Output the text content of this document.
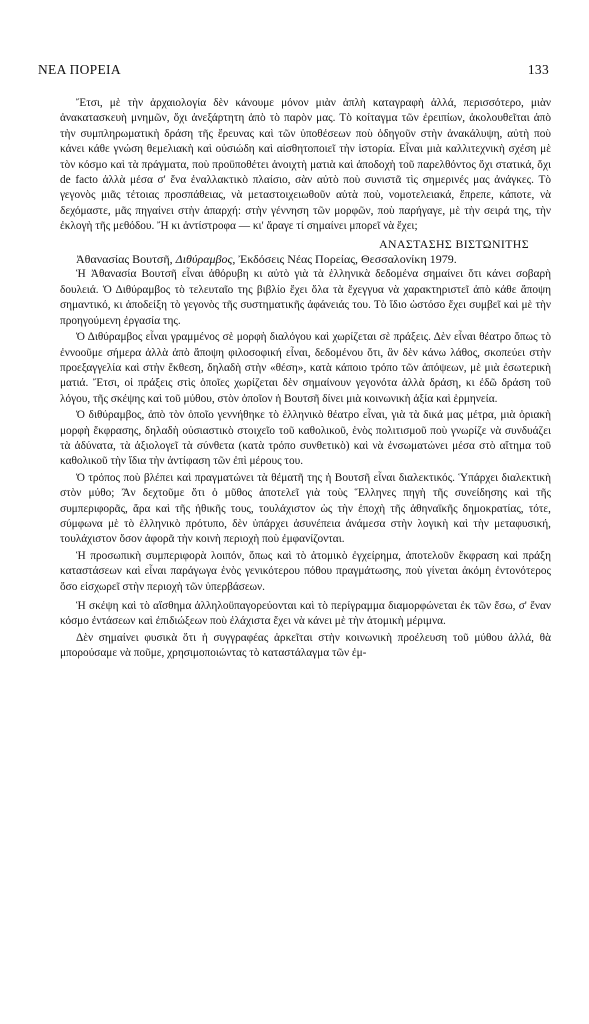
ΝΕΑ ΠΟΡΕΙΑ	133

Ἔτσι, μὲ τὴν ἀρχαιολογία δὲν κάνουμε μόνον μιὰν ἁπλὴ καταγραφὴ ἀλλά, περισσότερο, μιὰν ἀνακατασκευὴ μνημῶν, ὄχι ἀνεξάρτητη ἀπὸ τὸ παρὸν μας. Τὸ κοίταγμα τῶν ἐρειπίων, ἀκολουθεῖται ἀπὸ τὴν συμπληρωματικὴ δράση τῆς ἔρευνας καὶ τῶν ὑποθέσεων ποὺ ὁδηγοῦν στὴν ἀνακάλυψη, αὐτὴ ποὺ κάνει κάθε γνώση θεμελιακὴ καὶ οὐσιώδη καὶ αἰσθητοποιεῖ τὴν ἱστορία. Εἶναι μιὰ καλλιτεχνικὴ σχέση μὲ τὸν κόσμο καὶ τὰ πράγματα, ποὺ προϋποθέτει ἀνοιχτὴ ματιὰ καὶ ἀποδοχὴ τοῦ παρελθόντος ὄχι στατικά, ὄχι de facto ἀλλὰ μέσα σ' ἕνα ἐναλλακτικὸ πλαίσιο, σὰν αὐτὸ ποὺ συνιστᾶ τὶς σημερινές μας ἀνάγκες. Τὸ γεγονὸς μιᾶς τέτοιας προσπάθειας, νὰ μεταστοιχειωθοῦν αὐτὰ ποὺ, νομοτελειακά, ἔπρεπε, κάποτε, νὰ δεχόμαστε, μᾶς πηγαίνει στὴν ἀπαρχή: στὴν γέννηση τῶν μορφῶν, ποὺ παρήγαγε, μὲ τὴν σειρά της, τὴν ἐκλογὴ τῆς μεθόδου. Ἤ κι ἀντίστροφα — κι' ἄραγε τί σημαίνει μπορεῖ νὰ ἔχει;

ΑΝΑΣΤΑΣΗΣ ΒΙΣΤΩΝΙΤΗΣ

Ἀθανασίας Βουτσῆ, Διθύραμβος, Ἐκδόσεις Νέας Πορείας, Θεσσαλονίκη 1979.

Ἡ Ἀθανασία Βουτσῆ εἶναι ἀθόρυβη κι αὐτὸ γιὰ τὰ ἑλληνικὰ δεδομένα σημαίνει ὅτι κάνει σοβαρὴ δουλειά. Ὁ Διθύραμβος τὸ τελευταῖο της βιβλίο ἔχει ὅλα τὰ ἔχεγγυα νὰ χαρακτηριστεῖ ἀπὸ κάθε ἄποψη σημαντικό, κι ἀποδείξη τὸ γεγονὸς τῆς συστηματικῆς ἀφάνειάς του. Τὸ ἴδιο ὡστόσο ἔχει συμβεῖ καὶ μὲ τὴν προηγούμενη ἐργασία της.

Ὁ Διθύραμβος εἶναι γραμμένος σὲ μορφὴ διαλόγου καὶ χωρίζεται σὲ πράξεις. Δὲν εἶναι θέατρο ὅπως τὸ ἐννοοῦμε σήμερα ἀλλὰ ἀπὸ ἄποψη φιλοσοφική εἶναι, δεδομένου ὅτι, ἂν δὲν κάνω λάθος, σκοπεύει στὴν προεξαγγελία καὶ στὴν ἔκθεση, δηλαδὴ στὴν «θέση», κατὰ κάποιο τρόπο τῶν ἀπόψεων, μὲ μιὰ ἐσωτερικὴ ματιά. Ἔτσι, οἱ πράξεις στὶς ὁποῖες χωρίζεται δὲν σημαίνουν γεγονότα ἀλλὰ δράση, κι ἐδῶ δράση τοῦ λόγου, τῆς σκέψης καὶ τοῦ μύθου, στὸν ὁποῖον ἡ Βουτσῆ δίνει μιὰ κοινωνικὴ ἀξία καὶ ἑρμηνεία.

Ὁ διθύραμβος, ἀπὸ τὸν ὁποῖο γεννήθηκε τὸ ἑλληνικὸ θέατρο εἶναι, γιὰ τὰ δικά μας μέτρα, μιὰ ὁριακὴ μορφὴ ἔκφρασης, δηλαδὴ οὐσιαστικὸ στοιχεῖο τοῦ καθολικοῦ, ἑνὸς πολιτισμοῦ ποὺ γνωρίζε νὰ συνδυάζει τὰ ἀδύνατα, τὰ ἀξιολογεῖ τὰ σύνθετα (κατὰ τρόπο συνθετικὸ) καὶ νὰ ἐνσωματώνει μέσα στὸ αἴτημα τοῦ καθολικοῦ τὴν ἴδια τὴν ἀντίφαση τῶν ἐπὶ μέρους του.

Ὁ τρόπος ποὺ βλέπει καὶ πραγματώνει τὰ θέματῆ της ἡ Βουτσῆ εἶναι διαλεκτικός. Ὑπάρχει διαλεκτικὴ στὸν μύθο; Ἂν δεχτοῦμε ὅτι ὁ μῦθος ἀποτελεῖ γιὰ τοὺς Ἕλληνες πηγὴ τῆς συνείδησης καὶ τῆς συμπεριφορᾶς, ἄρα καὶ τῆς ἠθικῆς τους, τουλάχιστον ὡς τὴν ἐποχὴ τῆς ἀθηναϊκῆς δημοκρατίας, τότε, σύμφωνα μὲ τὸ ἑλληνικὸ πρότυπο, δὲν ὑπάρχει ἀσυνέπεια ἀνάμεσα στὴν λογικὴ καὶ τὴν μεταφυσική, τουλάχιστον ὅσον ἀφορᾶ τὴν κοινὴ περιοχὴ ποὺ ἐμφανίζονται.

Ἡ προσωπικὴ συμπεριφορὰ λοιπόν, ὅπως καὶ τὸ ἀτομικὸ ἐγχείρημα, ἀποτελοῦν ἔκφραση καὶ πράξη καταστάσεων καὶ εἶναι παράγωγα ἑνὸς γενικότερου πόθου πραγμάτωσης, ποὺ γίνεται ἀκόμη ἐντονότερος ὅσο εἰσχωρεῖ στὴν περιοχὴ τῶν ὑπερβάσεων.

Ἡ σκέψη καὶ τὸ αἴσθημα ἀλληλοϋπαγορεύονται καὶ τὸ περίγραμμα διαμορφώνεται ἐκ τῶν ἔσω, σ' ἕναν κόσμο ἐντάσεων καὶ ἐπιδιώξεων ποὺ ἐλάχιστα ἔχει νὰ κάνει μὲ τὴν ἀτομικὴ μέριμνα.

Δὲν σημαίνει φυσικὰ ὅτι ἡ συγγραφέας ἀρκεῖται στὴν κοινωνικὴ προέλευση τοῦ μύθου ἀλλά, θὰ μπορούσαμε νὰ ποῦμε, χρησιμοποιώντας τὸ καταστάλαγμα τῶν ἐμ-
